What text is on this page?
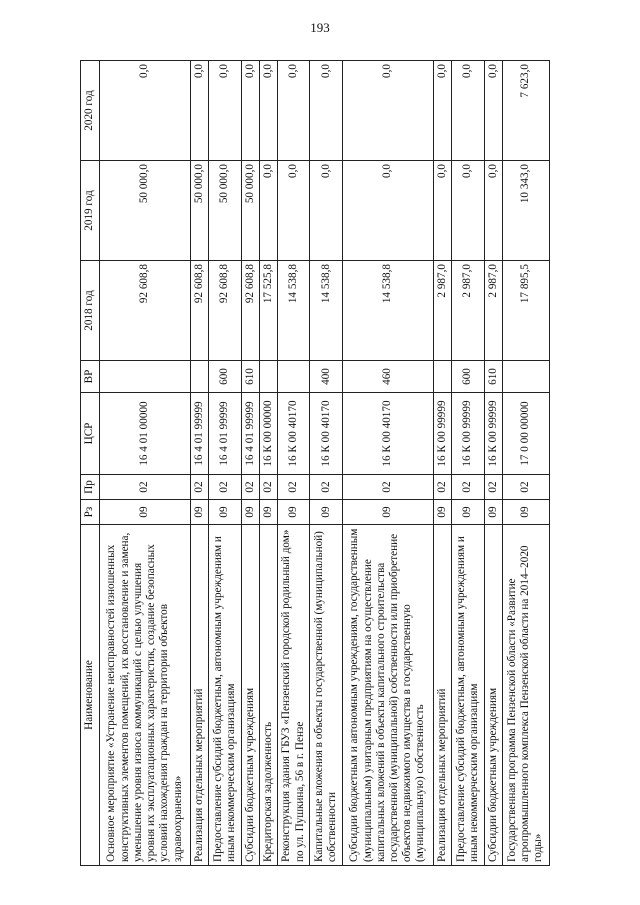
193
Наименование	Рз	Пр	ЦСР	ВР	2018 год	2019 год	2020 год
Основное мероприятие «Устранение неисправностей изношенных конструктивных элементов помещений, их восстановление и замена, уменьшение уровня износа коммуникаций с целью улучшения уровня их эксплуатационных характеристик, создание безопасных условий нахождения граждан на территории объектов здравоохранения»	09	02	16 4 01 00000		92 608,8	50 000,0	0,0
Реализация отдельных мероприятий	09	02	16 4 01 99999		92 608,8	50 000,0	0,0
Предоставление субсидий бюджетным, автономным учреждениям и иным некоммерческим организациям	09	02	16 4 01 99999	600	92 608,8	50 000,0	0,0
Субсидии бюджетным учреждениям	09	02	16 4 01 99999	610	92 608,8	50 000,0	0,0
Кредиторская задолженность	09	02	16 К 00 00000		17 525,8	0,0	0,0
Реконструкция здания ГБУЗ «Пензенский городской родильный дом» по ул. Пушкина, 56 в г. Пензе	09	02	16 К 00 40170		14 538,8	0,0	0,0
Капитальные вложения в объекты государственной (муниципальной) собственности	09	02	16 К 00 40170	400	14 538,8	0,0	0,0
Субсидии бюджетным и автономным учреждениям, государственным (муниципальным) унитарным предприятиям на осуществление капитальных вложений в объекты капитального строительства государственной (муниципальной) собственности или приобретение объектов недвижимого имущества в государственную (муниципальную) собственность	09	02	16 К 00 40170	460	14 538,8	0,0	0,0
Реализация отдельных мероприятий	09	02	16 К 00 99999		2 987,0	0,0	0,0
Предоставление субсидий бюджетным, автономным учреждениям и иным некоммерческим организациям	09	02	16 К 00 99999	600	2 987,0	0,0	0,0
Субсидии бюджетным учреждениям	09	02	16 К 00 99999	610	2 987,0	0,0	0,0
Государственная программа Пензенской области «Развитие агропромышленного комплекса Пензенской области на 2014–2020 годы»	09	02	17 0 00 00000		17 895,5	10 343,0	7 623,0
